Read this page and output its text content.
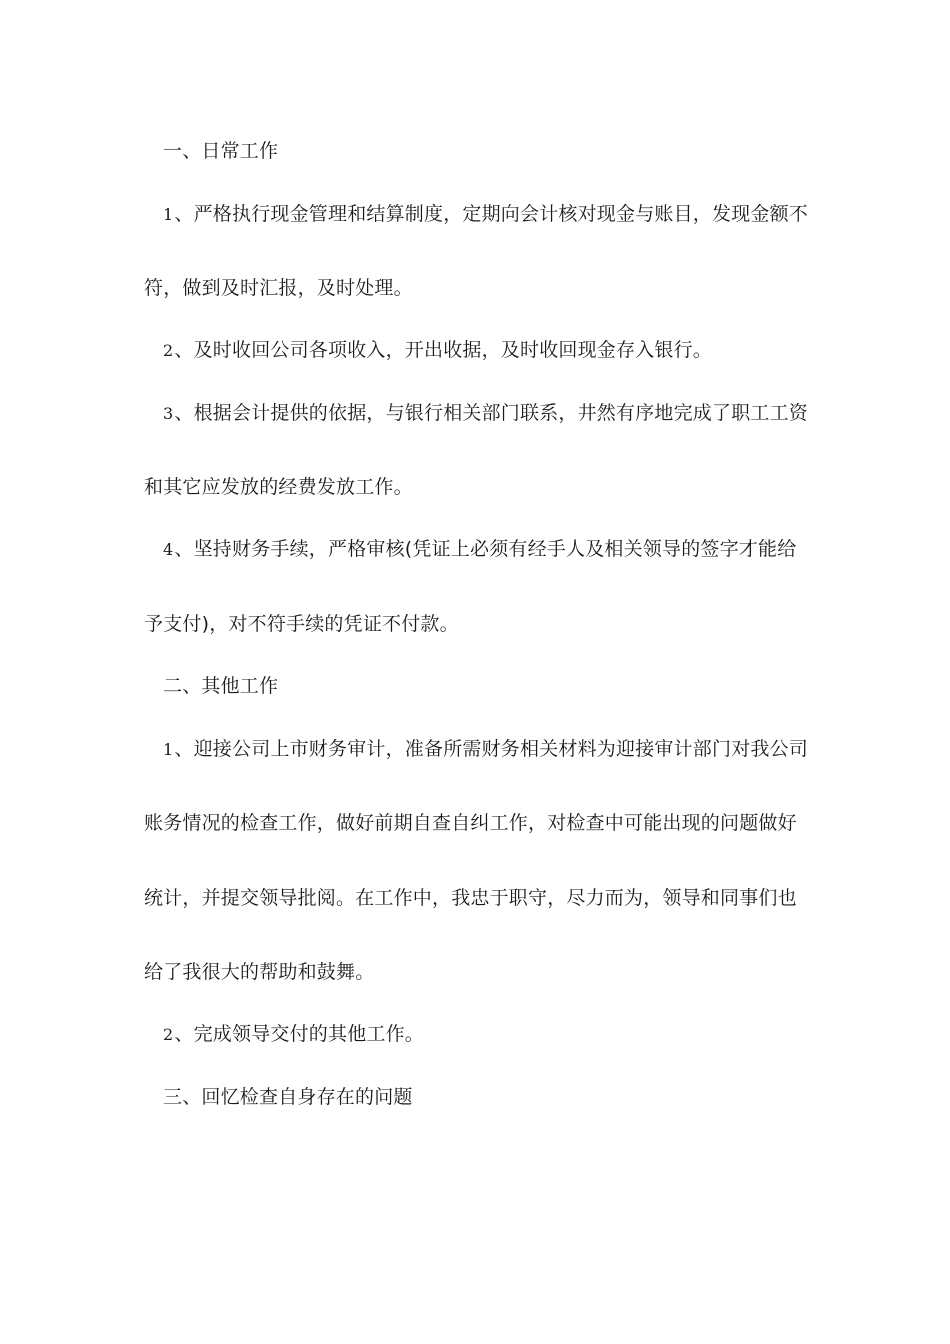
一、日常工作
1、严格执行现金管理和结算制度，定期向会计核对现金与账目，发现金额不
符，做到及时汇报，及时处理。
2、及时收回公司各项收入，开出收据，及时收回现金存入银行。
3、根据会计提供的依据，与银行相关部门联系，井然有序地完成了职工工资
和其它应发放的经费发放工作。
4、坚持财务手续，严格审核(凭证上必须有经手人及相关领导的签字才能给
予支付)，对不符手续的凭证不付款。
二、其他工作
1、迎接公司上市财务审计，准备所需财务相关材料为迎接审计部门对我公司
账务情况的检查工作，做好前期自查自纠工作，对检查中可能出现的问题做好
统计，并提交领导批阅。在工作中，我忠于职守，尽力而为，领导和同事们也
给了我很大的帮助和鼓舞。
2、完成领导交付的其他工作。
三、回忆检查自身存在的问题
